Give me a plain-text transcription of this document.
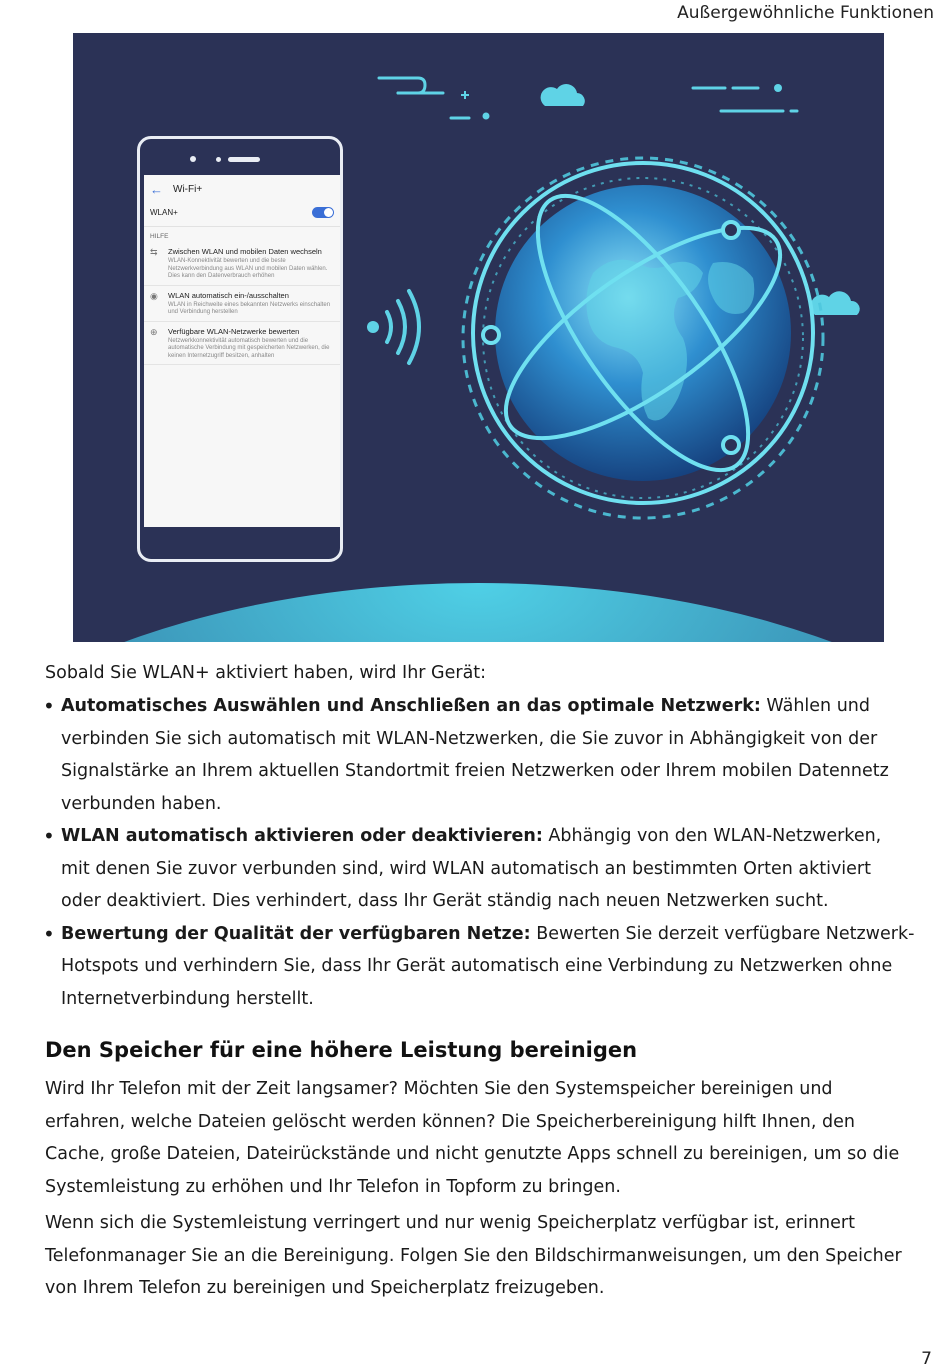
Außergewöhnliche Funktionen
← Wi-Fi+
WLAN+
HILFE
⇆	Zwischen WLAN und mobilen Daten wechseln
WLAN-Konnektivität bewerten und die beste Netzwerkverbindung aus WLAN und mobilen Daten wählen. Dies kann den Datenverbrauch erhöhen
◉	WLAN automatisch ein-/ausschalten
WLAN in Reichweite eines bekannten Netzwerks einschalten und Verbindung herstellen
⊕	Verfügbare WLAN-Netzwerke bewerten
Netzwerkkonnektivität automatisch bewerten und die automatische Verbindung mit gespeicherten Netzwerken, die keinen Internetzugriff besitzen, anhalten
Sobald Sie WLAN+ aktiviert haben, wird Ihr Gerät:
• Automatisches Auswählen und Anschließen an das optimale Netzwerk: Wählen und verbinden Sie sich automatisch mit WLAN-Netzwerken, die Sie zuvor in Abhängigkeit von der Signalstärke an Ihrem aktuellen Standortmit freien Netzwerken oder Ihrem mobilen Datennetz verbunden haben.
• WLAN automatisch aktivieren oder deaktivieren: Abhängig von den WLAN-Netzwerken, mit denen Sie zuvor verbunden sind, wird WLAN automatisch an bestimmten Orten aktiviert oder deaktiviert. Dies verhindert, dass Ihr Gerät ständig nach neuen Netzwerken sucht.
• Bewertung der Qualität der verfügbaren Netze: Bewerten Sie derzeit verfügbare Netzwerk-Hotspots und verhindern Sie, dass Ihr Gerät automatisch eine Verbindung zu Netzwerken ohne Internetverbindung herstellt.
Den Speicher für eine höhere Leistung bereinigen

Wird Ihr Telefon mit der Zeit langsamer? Möchten Sie den Systemspeicher bereinigen und erfahren, welche Dateien gelöscht werden können? Die Speicherbereinigung hilft Ihnen, den Cache, große Dateien, Dateirückstände und nicht genutzte Apps schnell zu bereinigen, um so die Systemleistung zu erhöhen und Ihr Telefon in Topform zu bringen.

Wenn sich die Systemleistung verringert und nur wenig Speicherplatz verfügbar ist, erinnert Telefonmanager Sie an die Bereinigung. Folgen Sie den Bildschirmanweisungen, um den Speicher von Ihrem Telefon zu bereinigen und Speicherplatz freizugeben.

7
